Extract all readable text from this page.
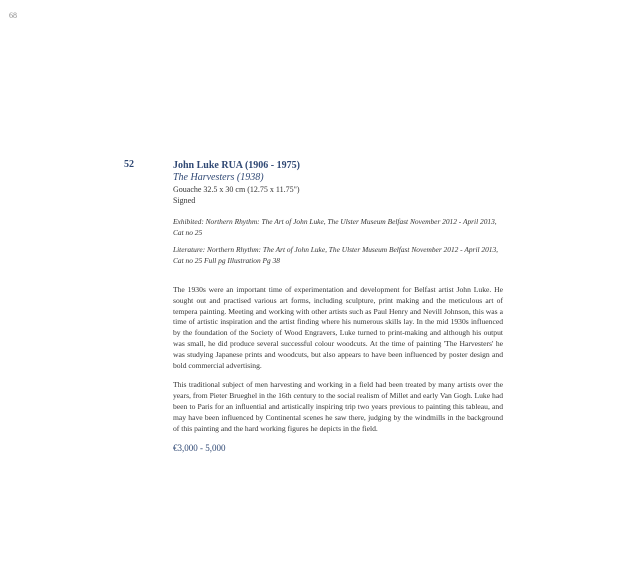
68
52	John Luke RUA (1906 - 1975)
The Harvesters (1938)
Gouache 32.5 x 30 cm (12.75 x 11.75")
Signed
Exhibited: Northern Rhythm: The Art of John Luke, The Ulster Museum Belfast November 2012 - April 2013, Cat no 25
Literature: Northern Rhythm: The Art of John Luke, The Ulster Museum Belfast November 2012 - April 2013, Cat no 25 Full pg Illustration Pg 38

The 1930s were an important time of experimentation and development for Belfast artist John Luke. He sought out and practised various art forms, including sculpture, print making and the meticulous art of tempera painting. Meeting and working with other artists such as Paul Henry and Nevill Johnson, this was a time of artistic inspiration and the artist finding where his numerous skills lay. In the mid 1930s influenced by the foundation of the Society of Wood Engravers, Luke turned to print-making and although his output was small, he did produce several successful colour woodcuts. At the time of painting 'The Harvesters' he was studying Japanese prints and woodcuts, but also appears to have been influenced by poster design and bold commercial advertising.

This traditional subject of men harvesting and working in a field had been treated by many artists over the years, from Pieter Brueghel in the 16th century to the social realism of Millet and early Van Gogh. Luke had been to Paris for an influential and artistically inspiring trip two years previous to painting this tableau, and may have been influenced by Continental scenes he saw there, judging by the windmills in the background of this painting and the hard working figures he depicts in the field.

€3,000 - 5,000
